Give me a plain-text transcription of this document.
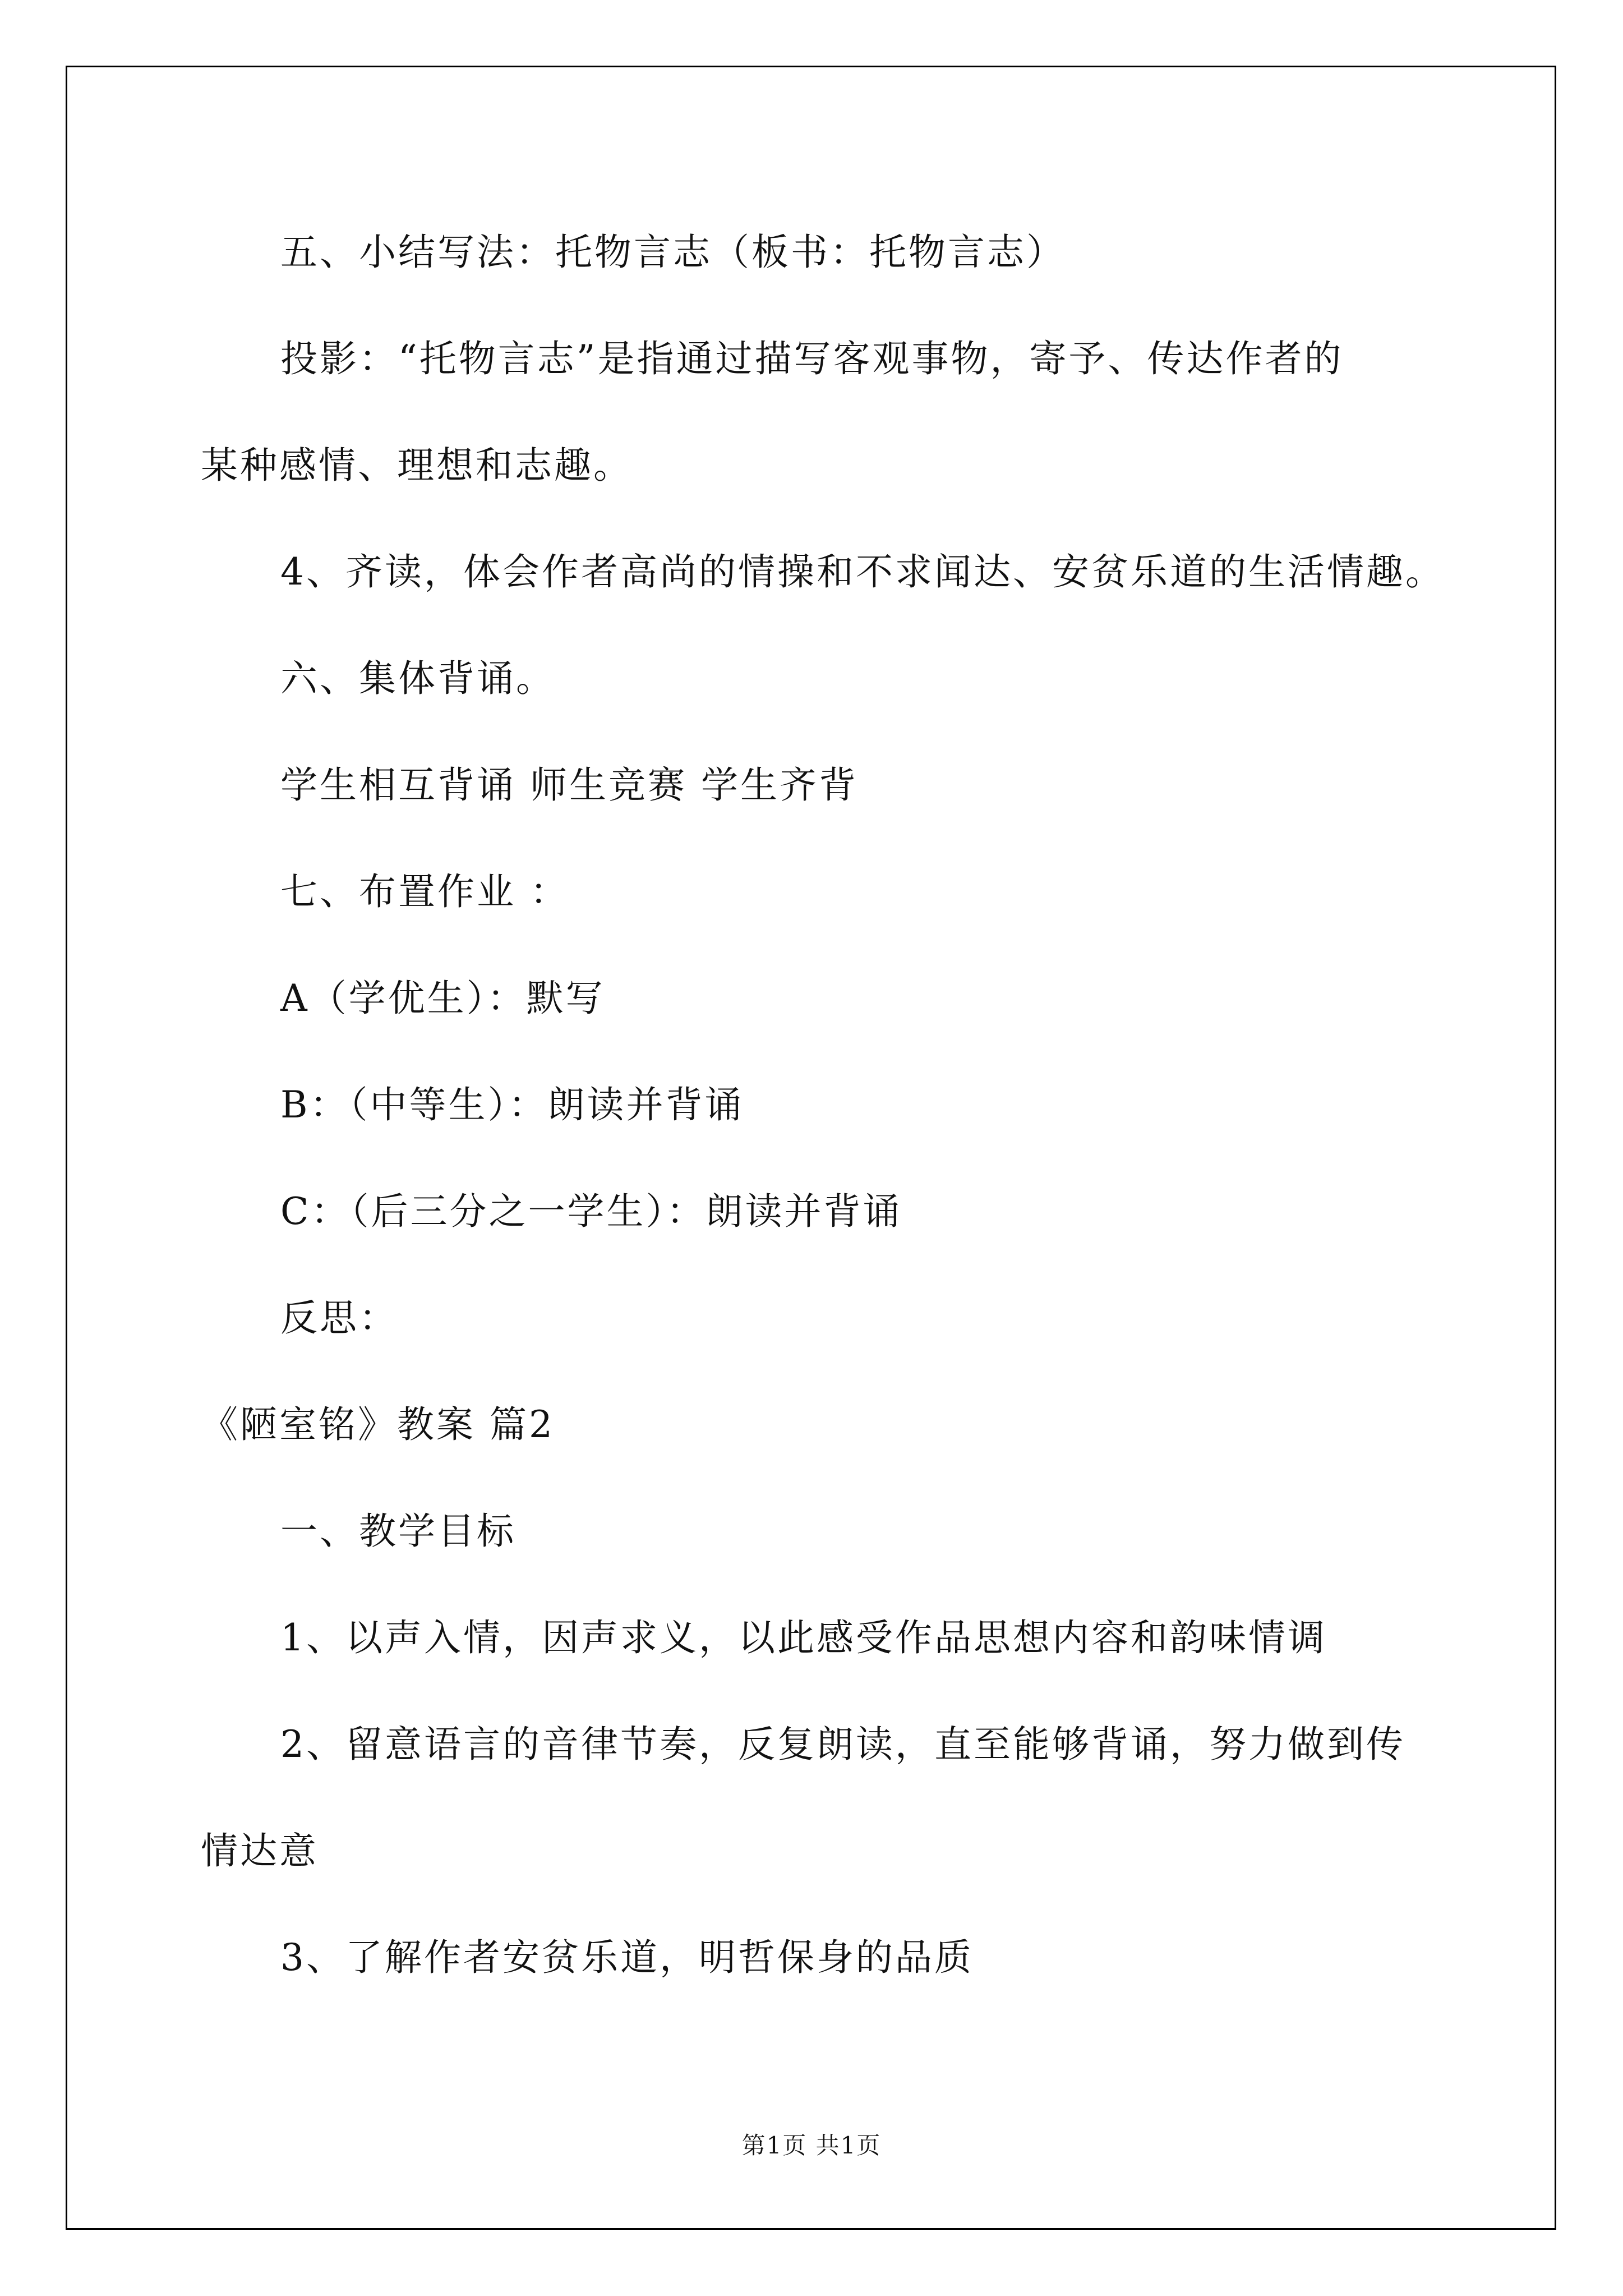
五、小结写法：托物言志（板书：托物言志）
投影：“托物言志”是指通过描写客观事物，寄予、传达作者的
某种感情、理想和志趣。
4、齐读，体会作者高尚的情操和不求闻达、安贫乐道的生活情趣。
六、集体背诵。
学生相互背诵 师生竞赛 学生齐背
七、布置作业 ：
A（学优生）：默写
B：（中等生）：朗读并背诵
C：（后三分之一学生）：朗读并背诵
反思：
《陋室铭》教案 篇2
一、教学目标
1、以声入情，因声求义，以此感受作品思想内容和韵味情调
2、留意语言的音律节奏，反复朗读，直至能够背诵，努力做到传
情达意
3、了解作者安贫乐道，明哲保身的品质
第1页 共1页
